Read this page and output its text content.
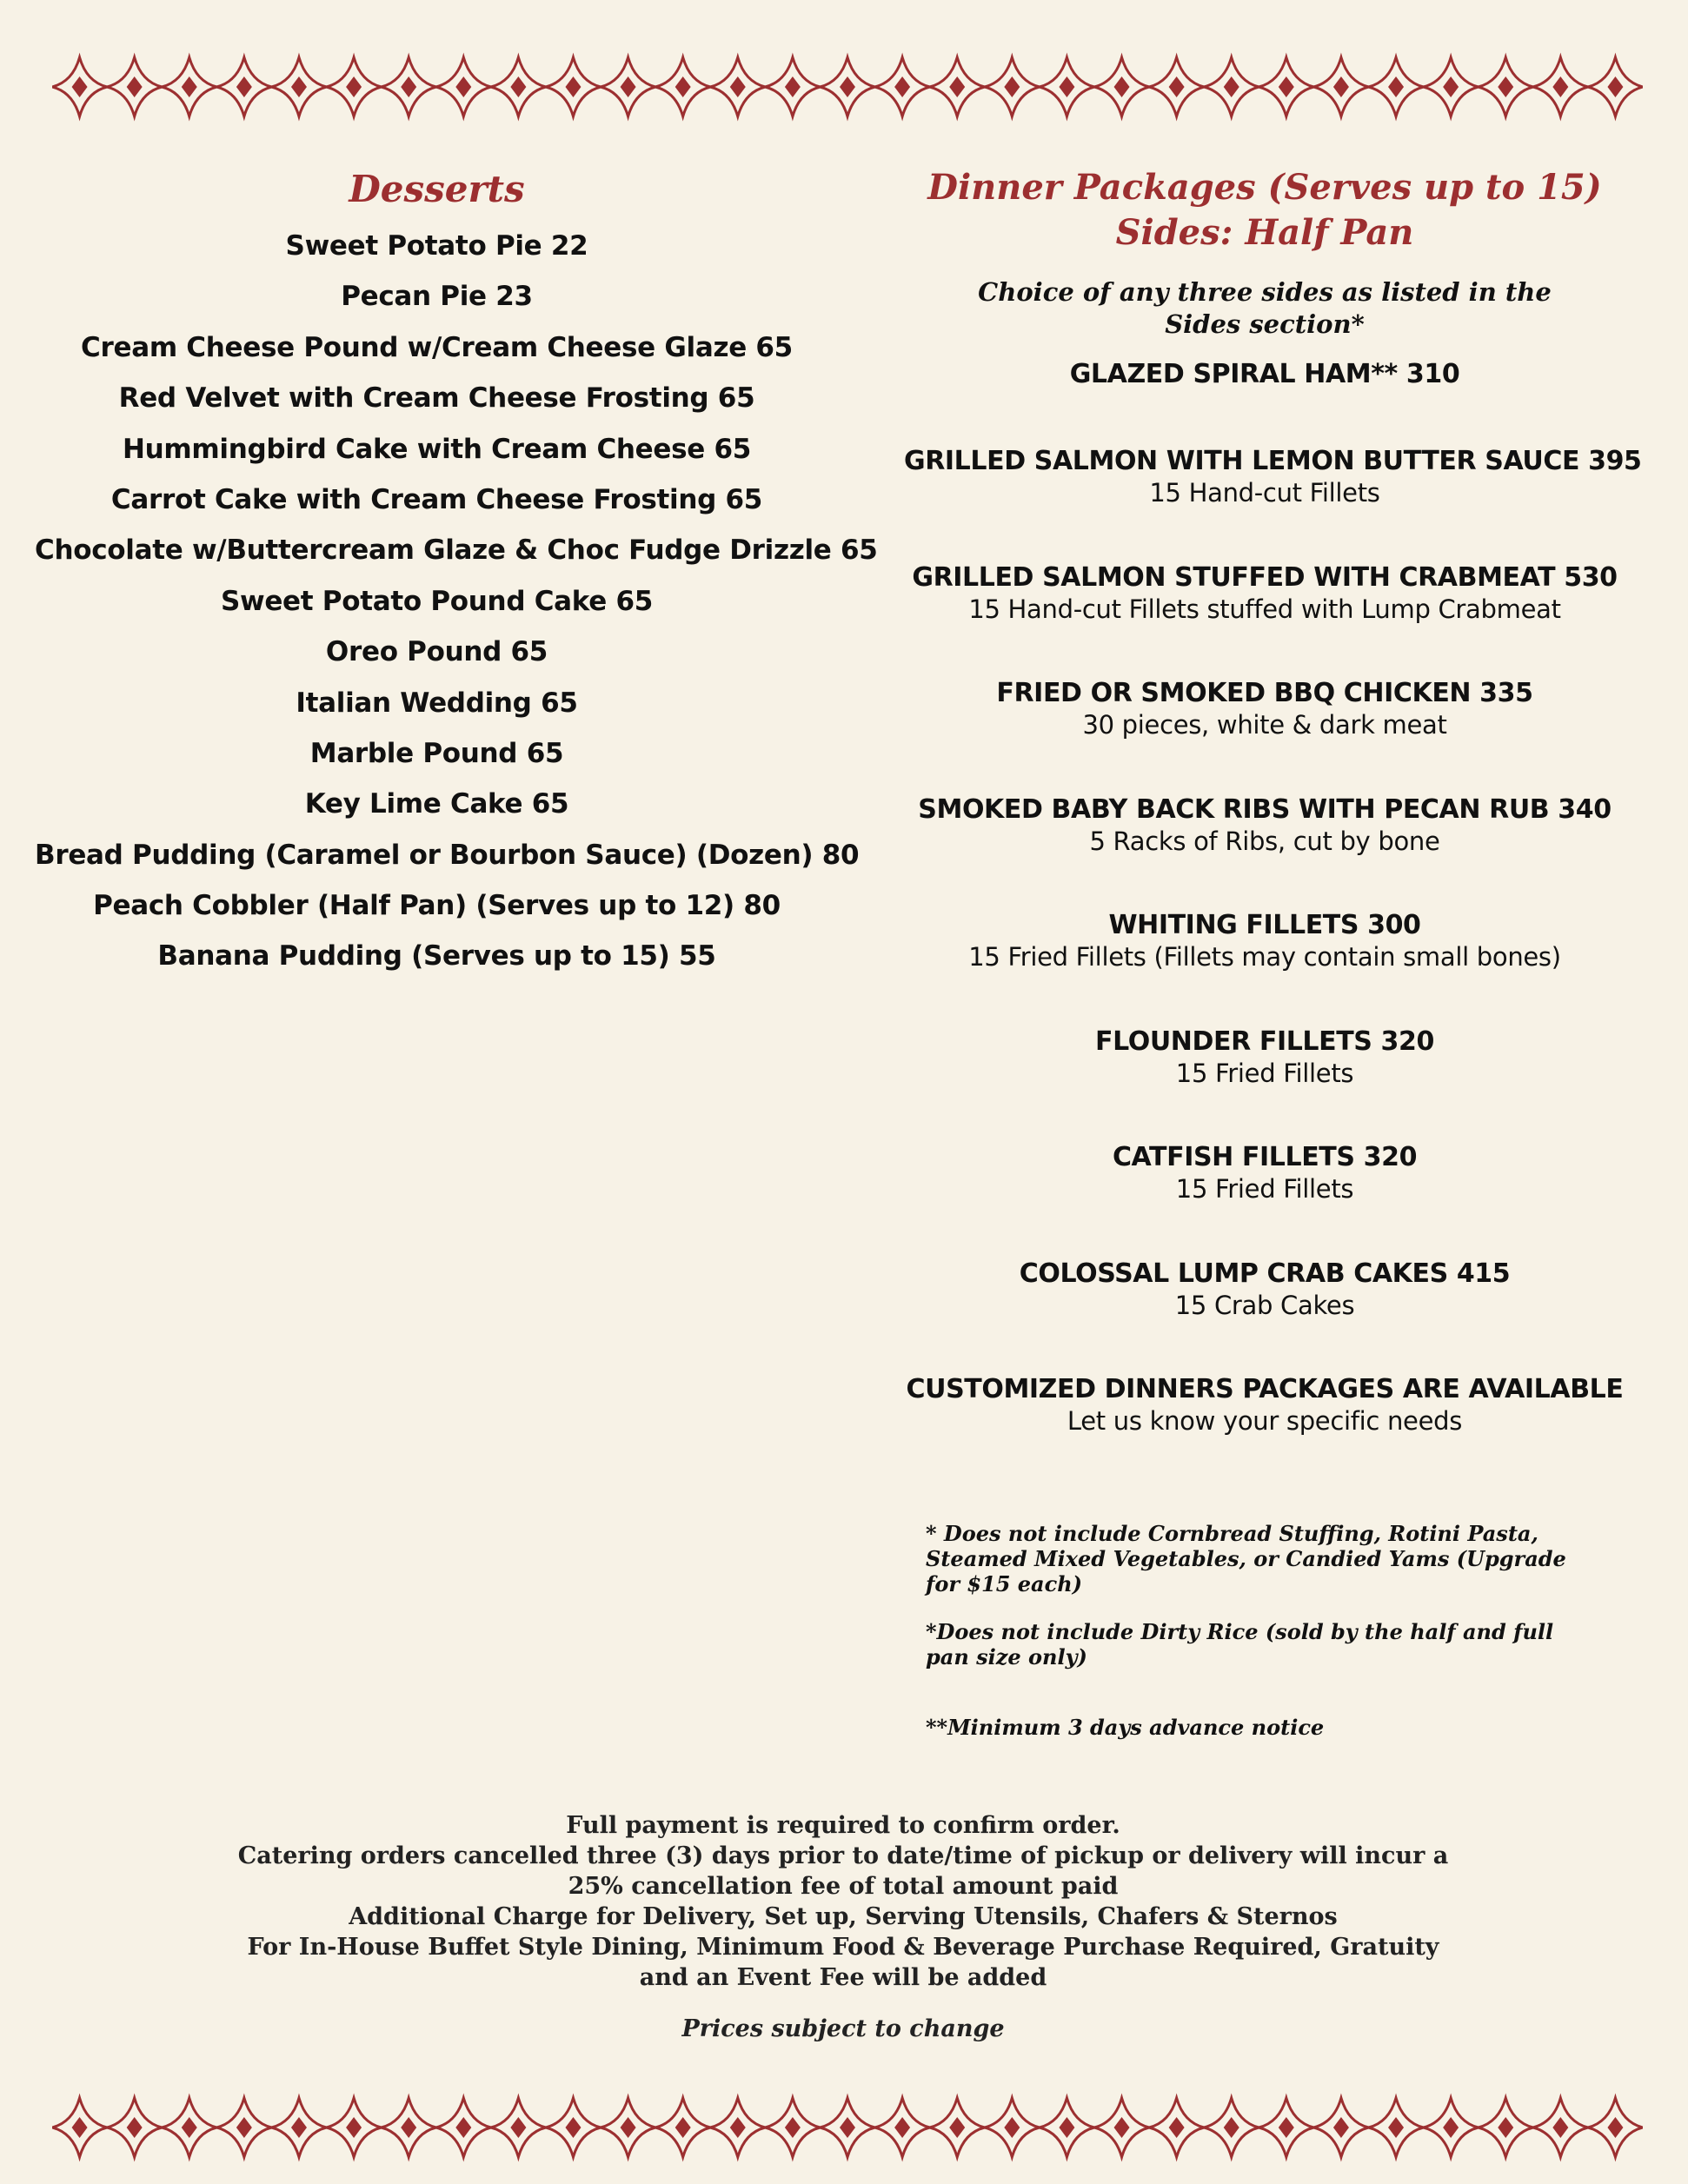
Desserts
Sweet Potato Pie 22
Pecan Pie 23
Cream Cheese Pound w/Cream Cheese Glaze 65
Red Velvet with Cream Cheese Frosting 65
Hummingbird Cake with Cream Cheese 65
Carrot Cake with Cream Cheese Frosting 65
Chocolate w/Buttercream Glaze & Choc Fudge Drizzle 65
Sweet Potato Pound Cake 65
Oreo Pound 65
Italian Wedding 65
Marble Pound 65
Key Lime Cake 65
Bread Pudding (Caramel or Bourbon Sauce) (Dozen) 80
Peach Cobbler (Half Pan) (Serves up to 12) 80
Banana Pudding (Serves up to 15) 55
Dinner Packages (Serves up to 15)
Sides: Half Pan

Choice of any three sides as listed in the Sides section*

GLAZED SPIRAL HAM** 310
GRILLED SALMON WITH LEMON BUTTER SAUCE 395
15 Hand-cut Fillets
GRILLED SALMON STUFFED WITH CRABMEAT 530
15 Hand-cut Fillets stuffed with Lump Crabmeat
FRIED OR SMOKED BBQ CHICKEN 335
30 pieces, white & dark meat
SMOKED BABY BACK RIBS WITH PECAN RUB 340
5 Racks of Ribs, cut by bone
WHITING FILLETS 300
15 Fried Fillets (Fillets may contain small bones)
FLOUNDER FILLETS 320
15 Fried Fillets
CATFISH FILLETS 320
15 Fried Fillets
COLOSSAL LUMP CRAB CAKES 415
15 Crab Cakes
CUSTOMIZED DINNERS PACKAGES ARE AVAILABLE
Let us know your specific needs

* Does not include Cornbread Stuffing, Rotini Pasta, Steamed Mixed Vegetables, or Candied Yams (Upgrade for $15 each)

*Does not include Dirty Rice (sold by the half and full pan size only)

**Minimum 3 days advance notice

Full payment is required to confirm order.

Catering orders cancelled three (3) days prior to date/time of pickup or delivery will incur a

25% cancellation fee of total amount paid

Additional Charge for Delivery, Set up, Serving Utensils, Chafers & Sternos

For In-House Buffet Style Dining, Minimum Food & Beverage Purchase Required, Gratuity

and an Event Fee will be added

Prices subject to change
